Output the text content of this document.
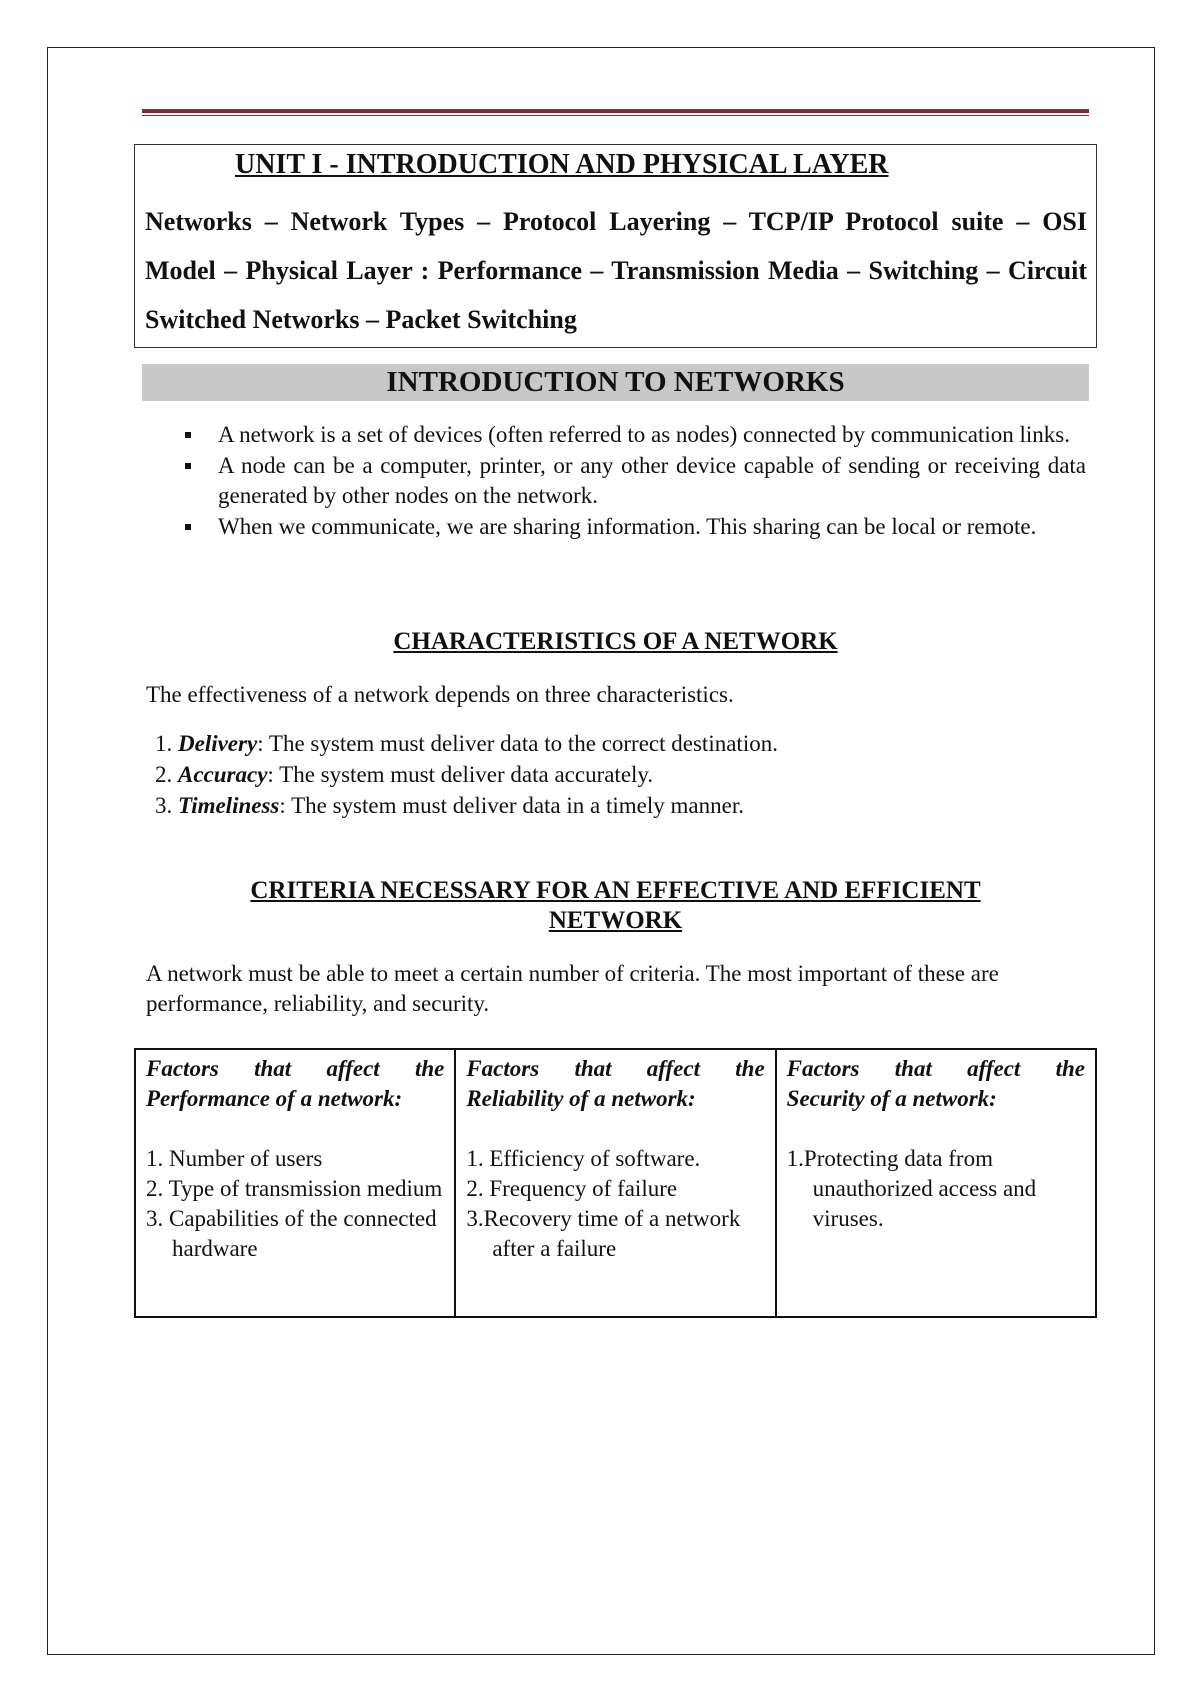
UNIT I - INTRODUCTION AND PHYSICAL LAYER
Networks – Network Types – Protocol Layering – TCP/IP Protocol suite – OSI Model – Physical Layer : Performance – Transmission Media – Switching – Circuit Switched Networks – Packet Switching
INTRODUCTION TO NETWORKS
A network is a set of devices (often referred to as nodes) connected by communication links.
A node can be a computer, printer, or any other device capable of sending or receiving data generated by other nodes on the network.
When we communicate, we are sharing information. This sharing can be local or remote.
CHARACTERISTICS OF A NETWORK
The effectiveness of a network depends on three characteristics.
1. Delivery: The system must deliver data to the correct destination.
2. Accuracy: The system must deliver data accurately.
3. Timeliness: The system must deliver data in a timely manner.
CRITERIA NECESSARY FOR AN EFFECTIVE AND EFFICIENT
NETWORK
A network must be able to meet a certain number of criteria. The most important of these are performance, reliability, and security.
Factors that affect the
Performance of a network:
1. Number of users
2. Type of transmission medium
3. Capabilities of the connected hardware

Factors that affect the
Reliability of a network:
1. Efficiency of software.
2. Frequency of failure
3.Recovery time of a network after a failure

Factors that affect the
Security of a network:
1.Protecting data from unauthorized access and viruses.
